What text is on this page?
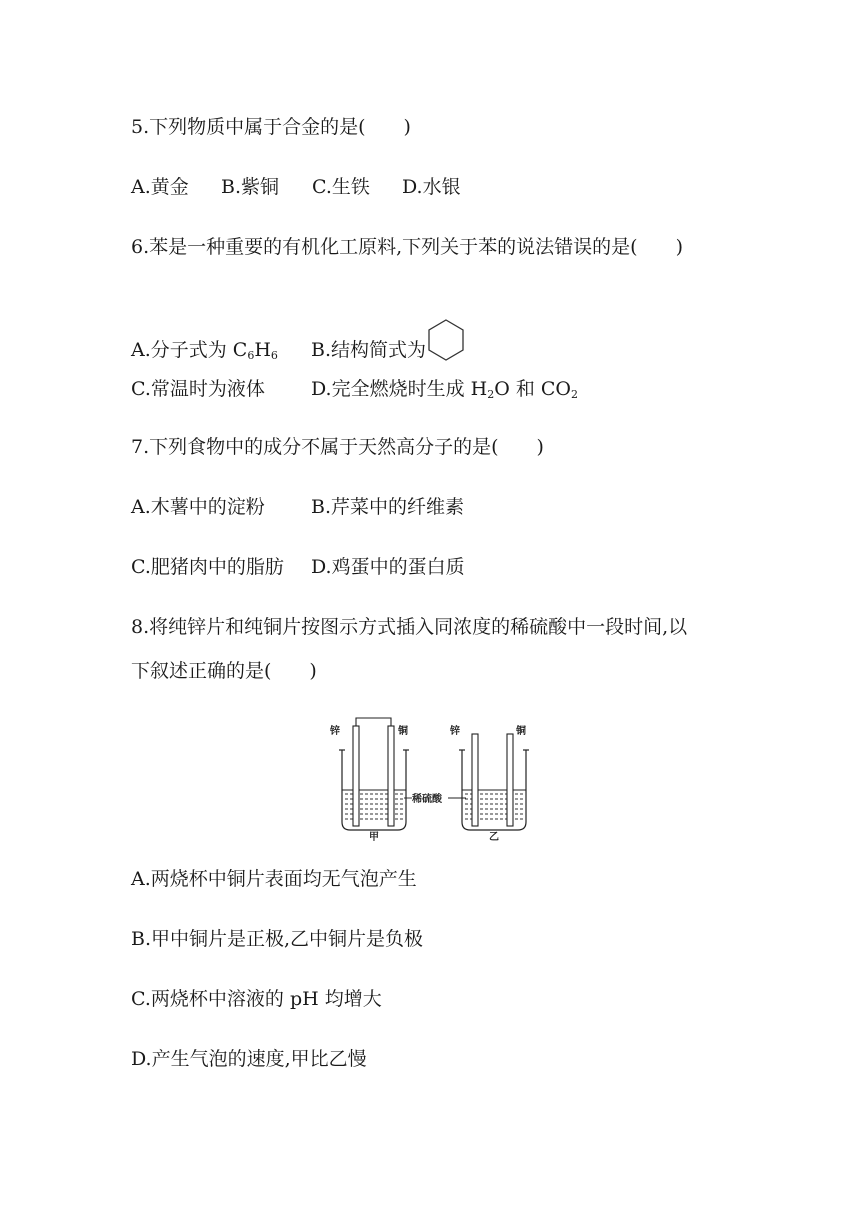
5.下列物质中属于合金的是(　　)
A.黄金 B.紫铜 C.生铁 D.水银
6.苯是一种重要的有机化工原料,下列关于苯的说法错误的是(　　)
A.分子式为 $C_6H_6$ B.结构简式为
C.常温时为液体 D.完全燃烧时生成 $H_2O$ 和 $CO_2$
7.下列食物中的成分不属于天然高分子的是(　　)
A.木薯中的淀粉 B.芹菜中的纤维素
C.肥猪肉中的脂肪 D.鸡蛋中的蛋白质
8.将纯锌片和纯铜片按图示方式插入同浓度的稀硫酸中一段时间,以
下叙述正确的是(　　)
锌	铜
甲
稀硫酸
锌	铜
乙
A.两烧杯中铜片表面均无气泡产生
B.甲中铜片是正极,乙中铜片是负极
C.两烧杯中溶液的 pH 均增大
D.产生气泡的速度,甲比乙慢
